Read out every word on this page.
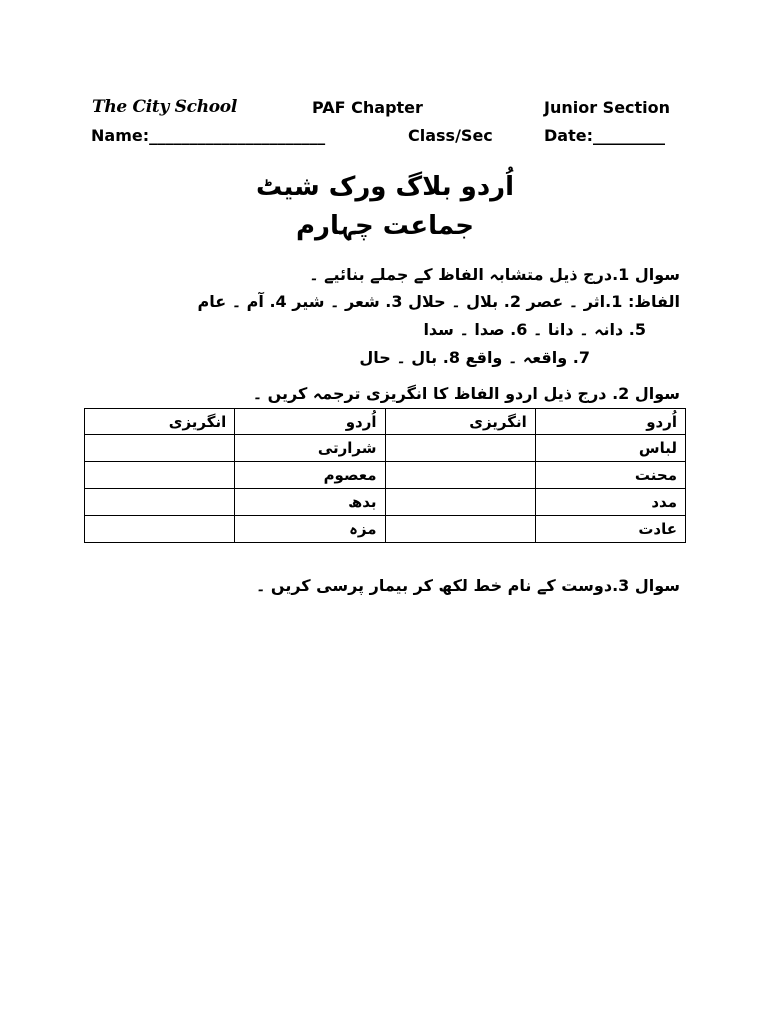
The City School	PAF Chapter	Junior Section
Name:______________________	Class/Sec	Date:_________
اُردو بلاگ ورک شیٹ
جماعت چہارم
سوال 1.درج ذیل متشابہ الفاظ کے جملے بنائیے ۔
الفاظ: 1.اثر ۔ عصر 2. بلال ۔ حلال 3. شعر ۔ شیر 4. آم ۔ عام
5. دانہ ۔ دانا ۔ 6. صدا ۔ سدا
7. واقعہ ۔ واقع 8. بال ۔ حال
سوال 2. درج ذیل اردو الفاظ کا انگریزی ترجمہ کریں ۔
اُردو	انگریزی	اُردو	انگریزی
لباس		شرارتی	
محنت		معصوم	
مدد		بدھ	
عادت		مزہ	
سوال 3.دوست کے نام خط لکھ کر بیمار پرسی کریں ۔
